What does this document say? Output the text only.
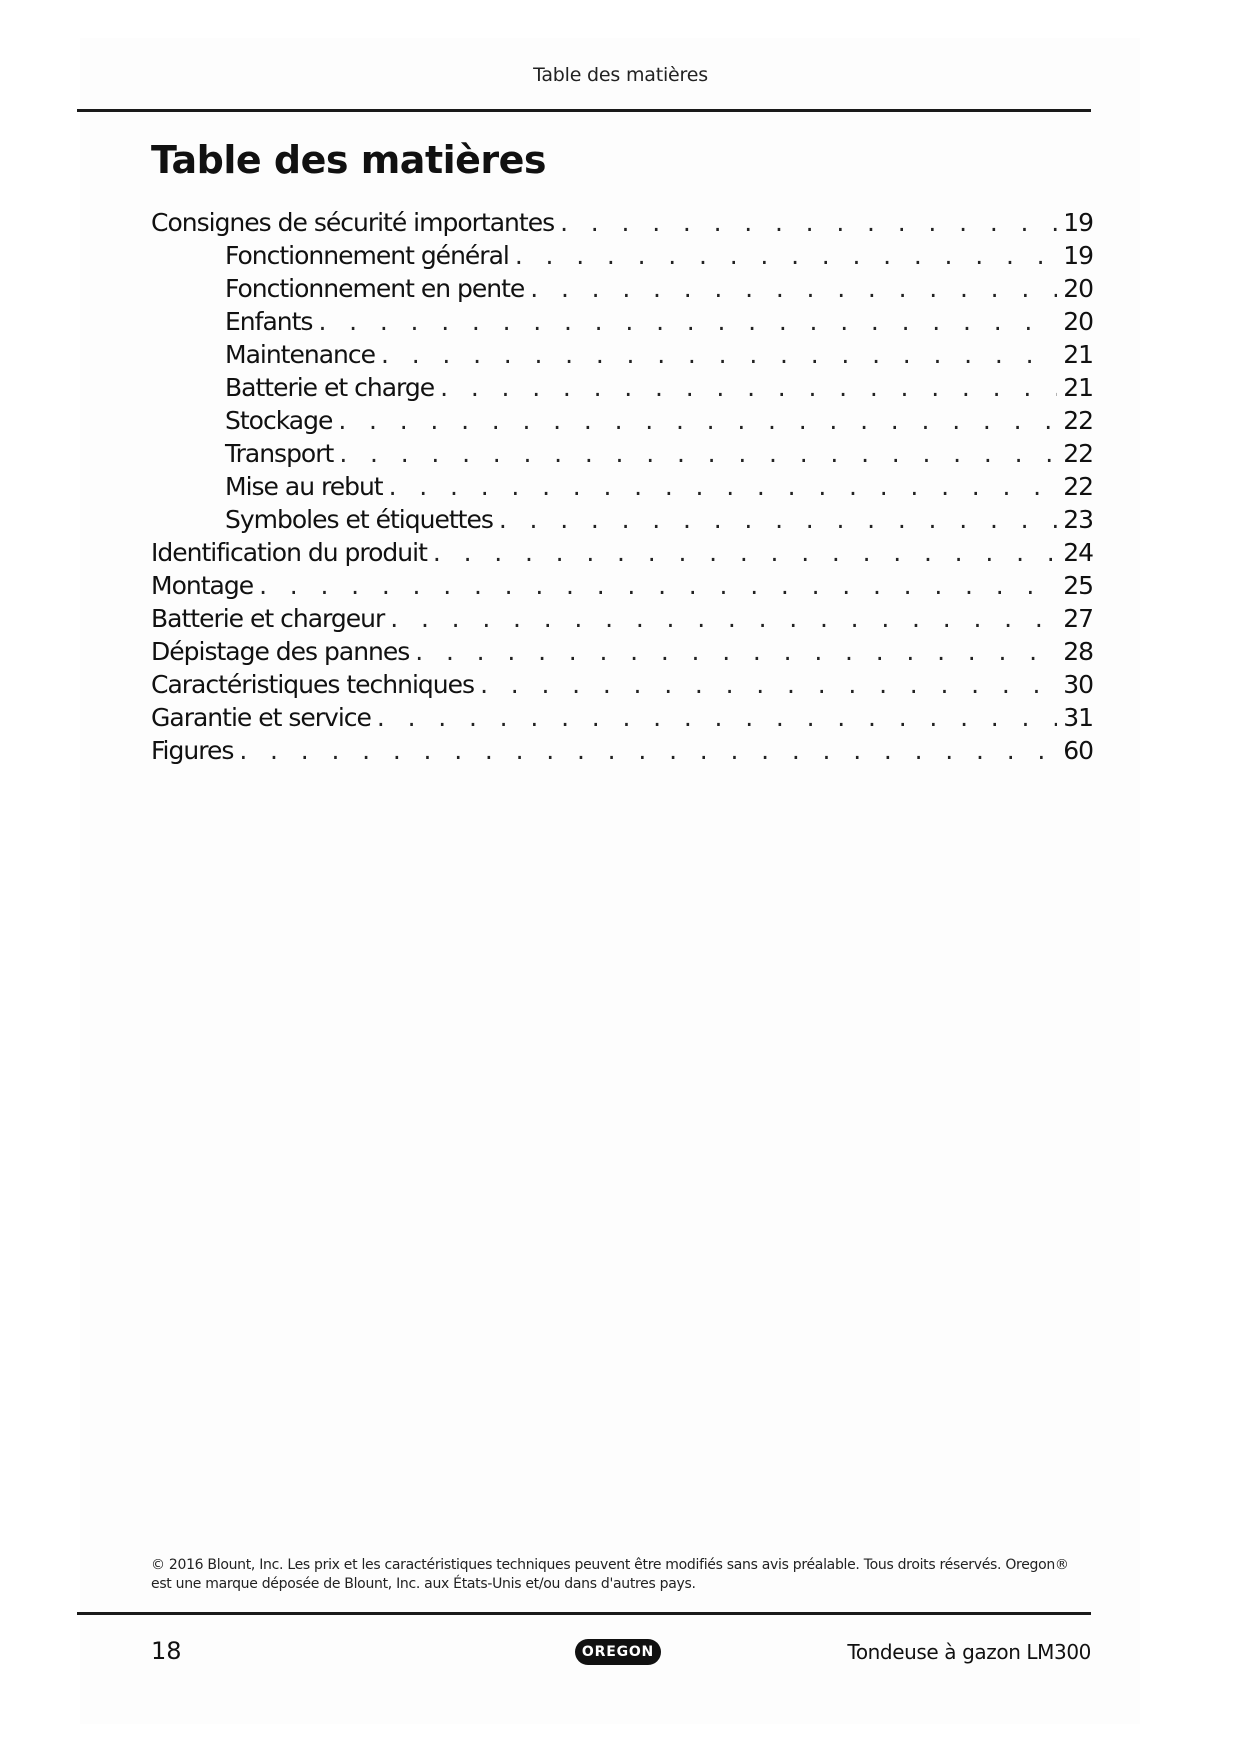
Table des matières
Table des matières
Consignes de sécurité importantes . . .	19
Fonctionnement général . . .	19
Fonctionnement en pente . . .	20
Enfants . . .	20
Maintenance . . .	21
Batterie et charge . . .	21
Stockage . . .	22
Transport . . .	22
Mise au rebut . . .	22
Symboles et étiquettes . . .	23
Identification du produit . . .	24
Montage . . .	25
Batterie et chargeur . . .	27
Dépistage des pannes . . .	28
Caractéristiques techniques . . .	30
Garantie et service . . .	31
Figures . . .	60

© 2016 Blount, Inc. Les prix et les caractéristiques techniques peuvent être modifiés sans avis préalable. Tous droits réservés. Oregon® est une marque déposée de Blount, Inc. aux États-Unis et/ou dans d'autres pays.

18	OREGON	Tondeuse à gazon LM300
